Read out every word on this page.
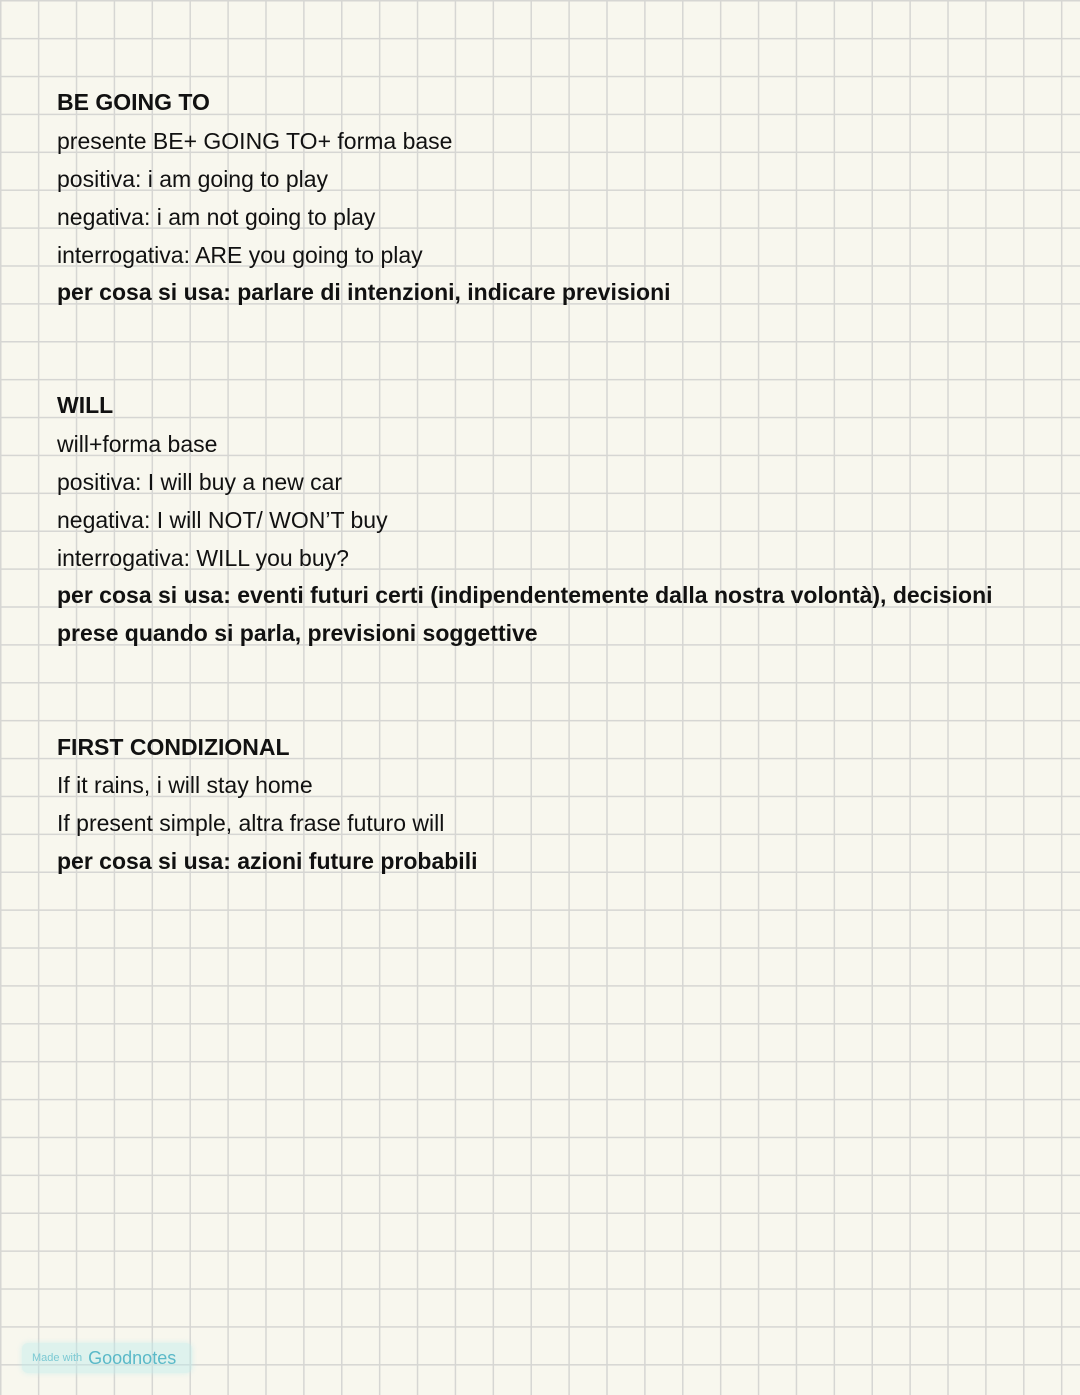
BE GOING TO

presente BE+ GOING TO+ forma base

positiva: i am going to play

negativa: i am not going to play

interrogativa: ARE you going to play

per cosa si usa: parlare di intenzioni, indicare previsioni

WILL

will+forma base

positiva: I will buy a new car

negativa: I will NOT/ WON’T buy

interrogativa: WILL you buy?

per cosa si usa: eventi futuri certi (indipendentemente dalla nostra volontà), decisioni

prese quando si parla, previsioni soggettive

FIRST CONDIZIONAL

If it rains, i will stay home

If present simple, altra frase futuro will

per cosa si usa: azioni future probabili

Made with Goodnotes
